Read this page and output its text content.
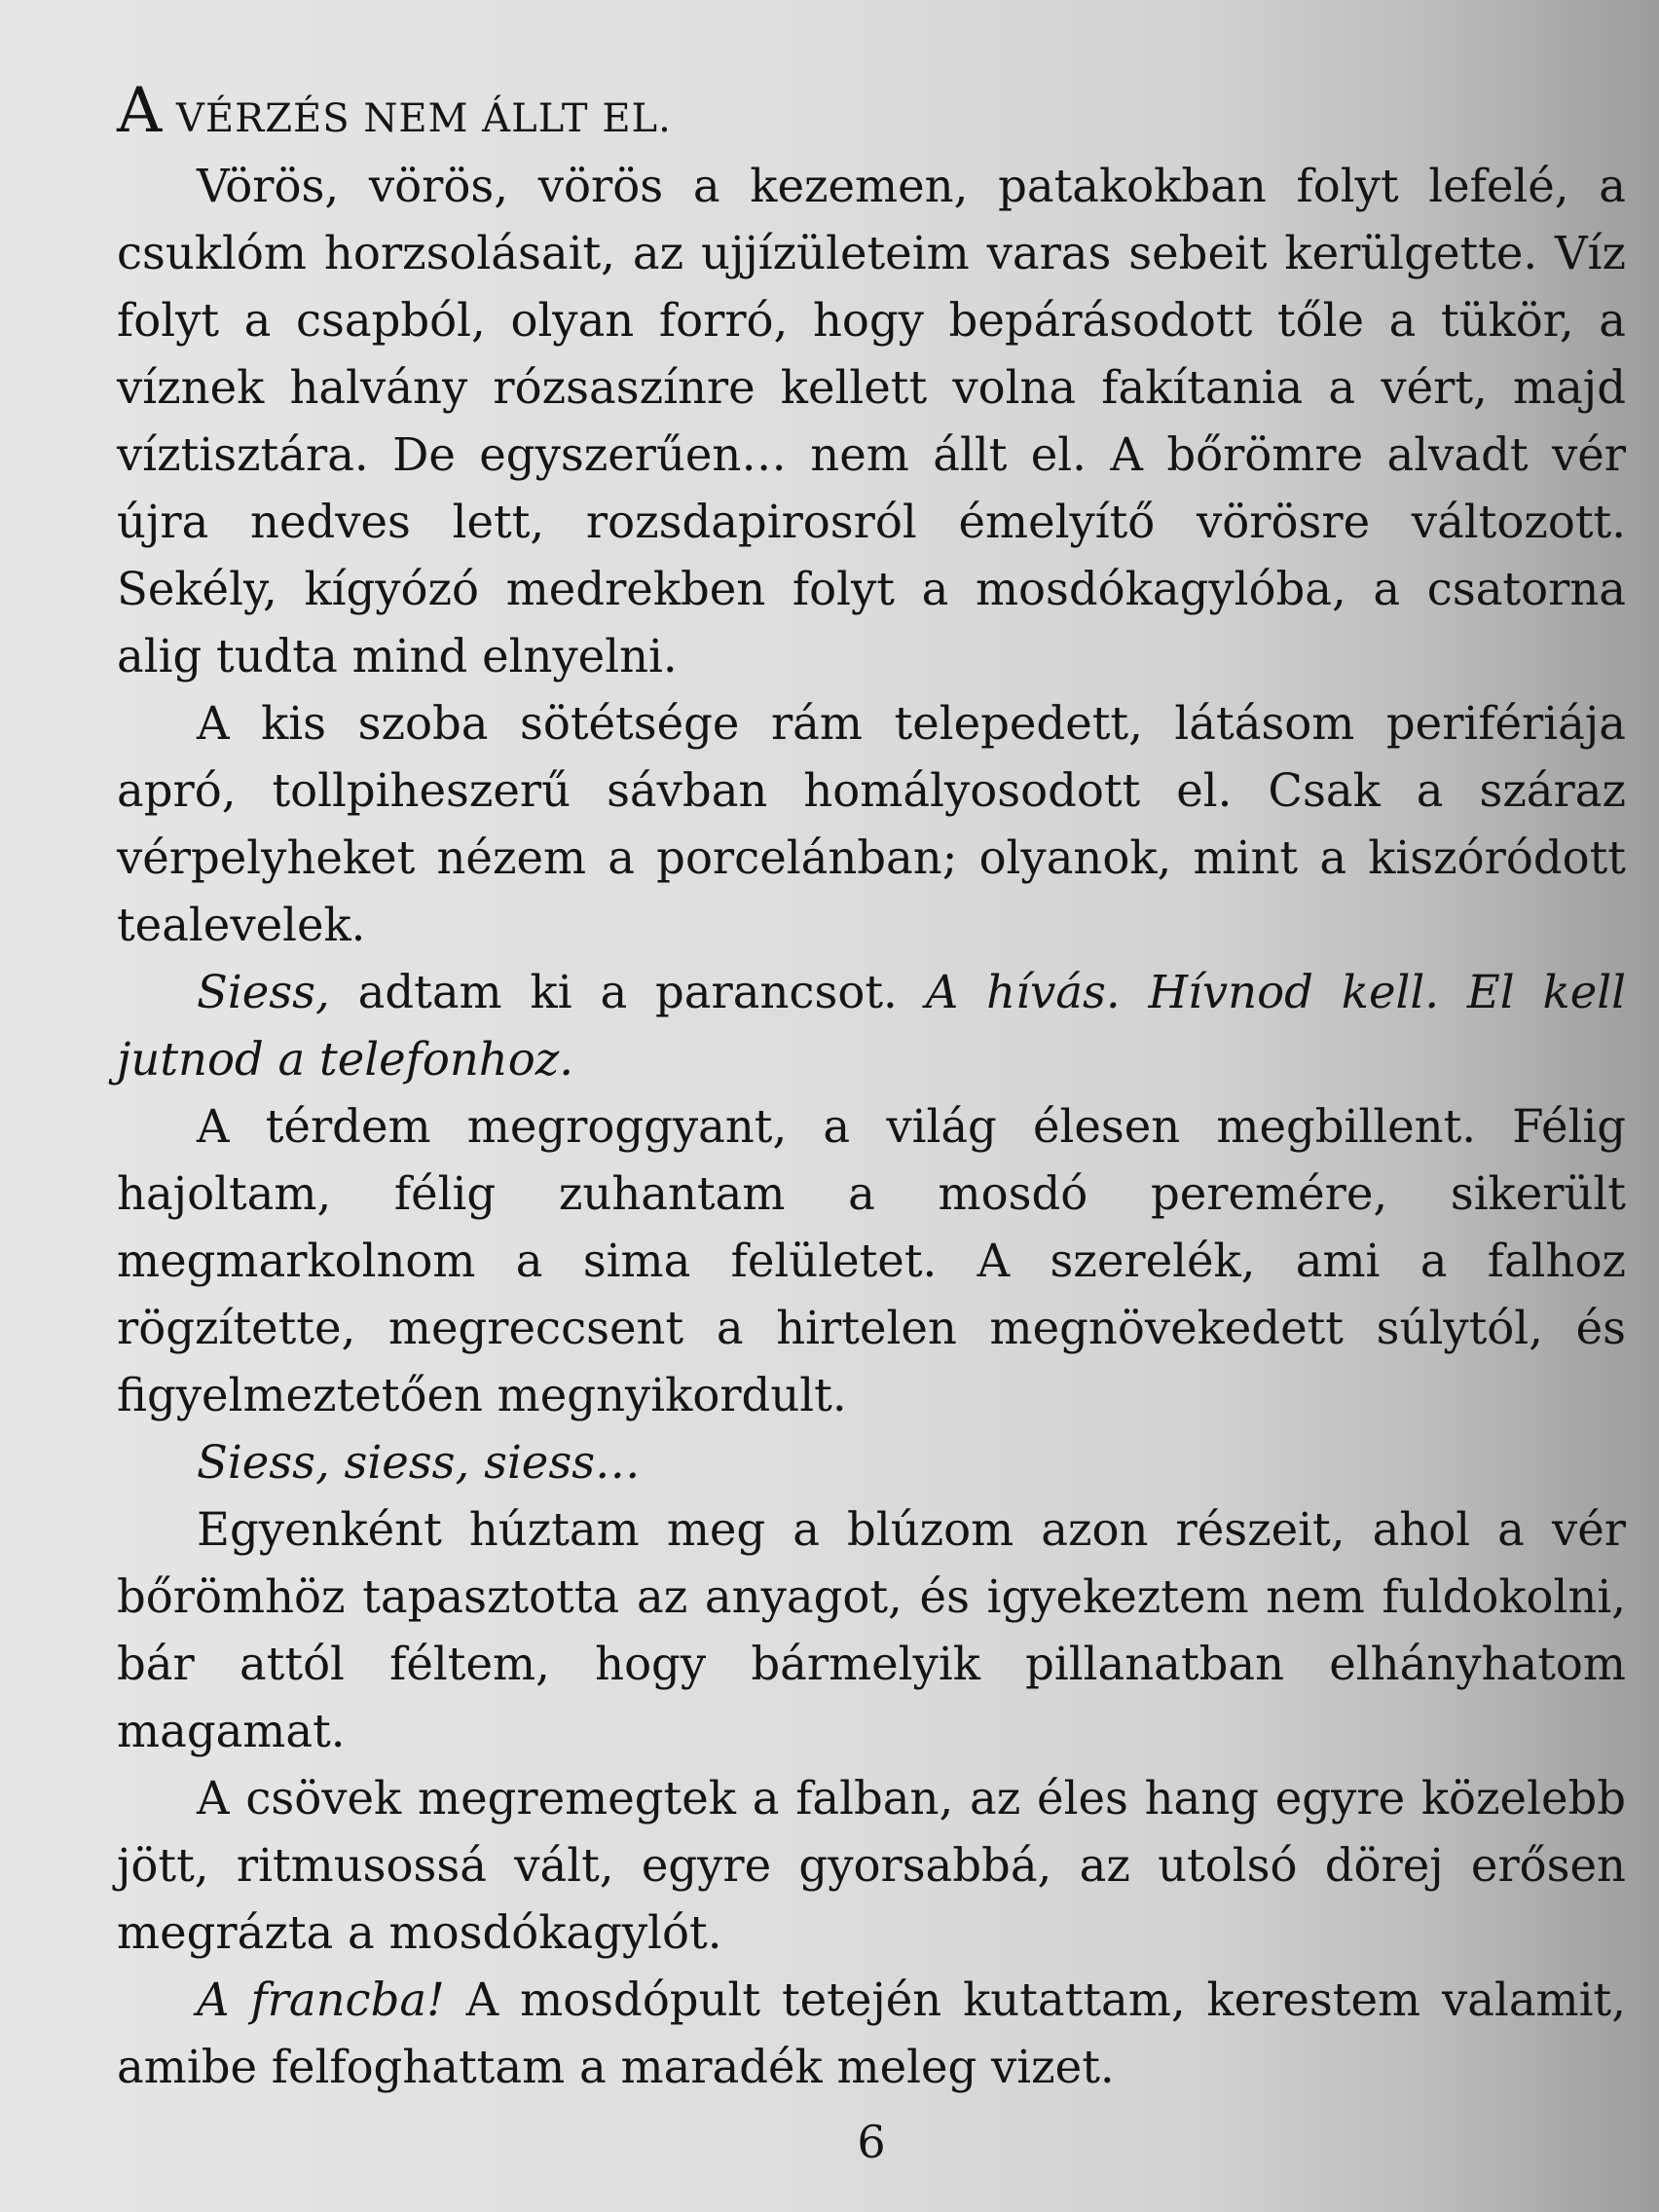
A VÉRZÉS NEM ÁLLT EL.

Vörös, vörös, vörös a kezemen, patakokban folyt lefelé, a csuklóm horzsolásait, az ujjízületeim varas sebeit kerülgette. Víz folyt a csapból, olyan forró, hogy bepárásodott tőle a tükör, a víznek halvány rózsaszínre kellett volna fakítania a vért, majd víztisztára. De egyszerűen… nem állt el. A bőrömre alvadt vér újra nedves lett, rozsdapirosról émelyítő vörösre változott. Sekély, kígyózó medrekben folyt a mosdókagylóba, a csatorna alig tudta mind elnyelni.

A kis szoba sötétsége rám telepedett, látásom perifériája apró, tollpiheszerű sávban homályosodott el. Csak a száraz vérpelyheket nézem a porcelánban; olyanok, mint a kiszóródott tealevelek.

Siess, adtam ki a parancsot. A hívás. Hívnod kell. El kell jutnod a telefonhoz.

A térdem megroggyant, a világ élesen megbillent. Félig hajoltam, félig zuhantam a mosdó peremére, sikerült megmarkolnom a sima felületet. A szerelék, ami a falhoz rögzítette, megreccsent a hirtelen megnövekedett súlytól, és figyelmeztetően megnyikordult.

Siess, siess, siess…

Egyenként húztam meg a blúzom azon részeit, ahol a vér bőrömhöz tapasztotta az anyagot, és igyekeztem nem fuldokolni, bár attól féltem, hogy bármelyik pillanatban elhányhatom magamat.

A csövek megremegtek a falban, az éles hang egyre közelebb jött, ritmusossá vált, egyre gyorsabbá, az utolsó dörej erősen megrázta a mosdókagylót.

A francba! A mosdópult tetején kutattam, kerestem valamit, amibe felfoghattam a maradék meleg vizet.

6
